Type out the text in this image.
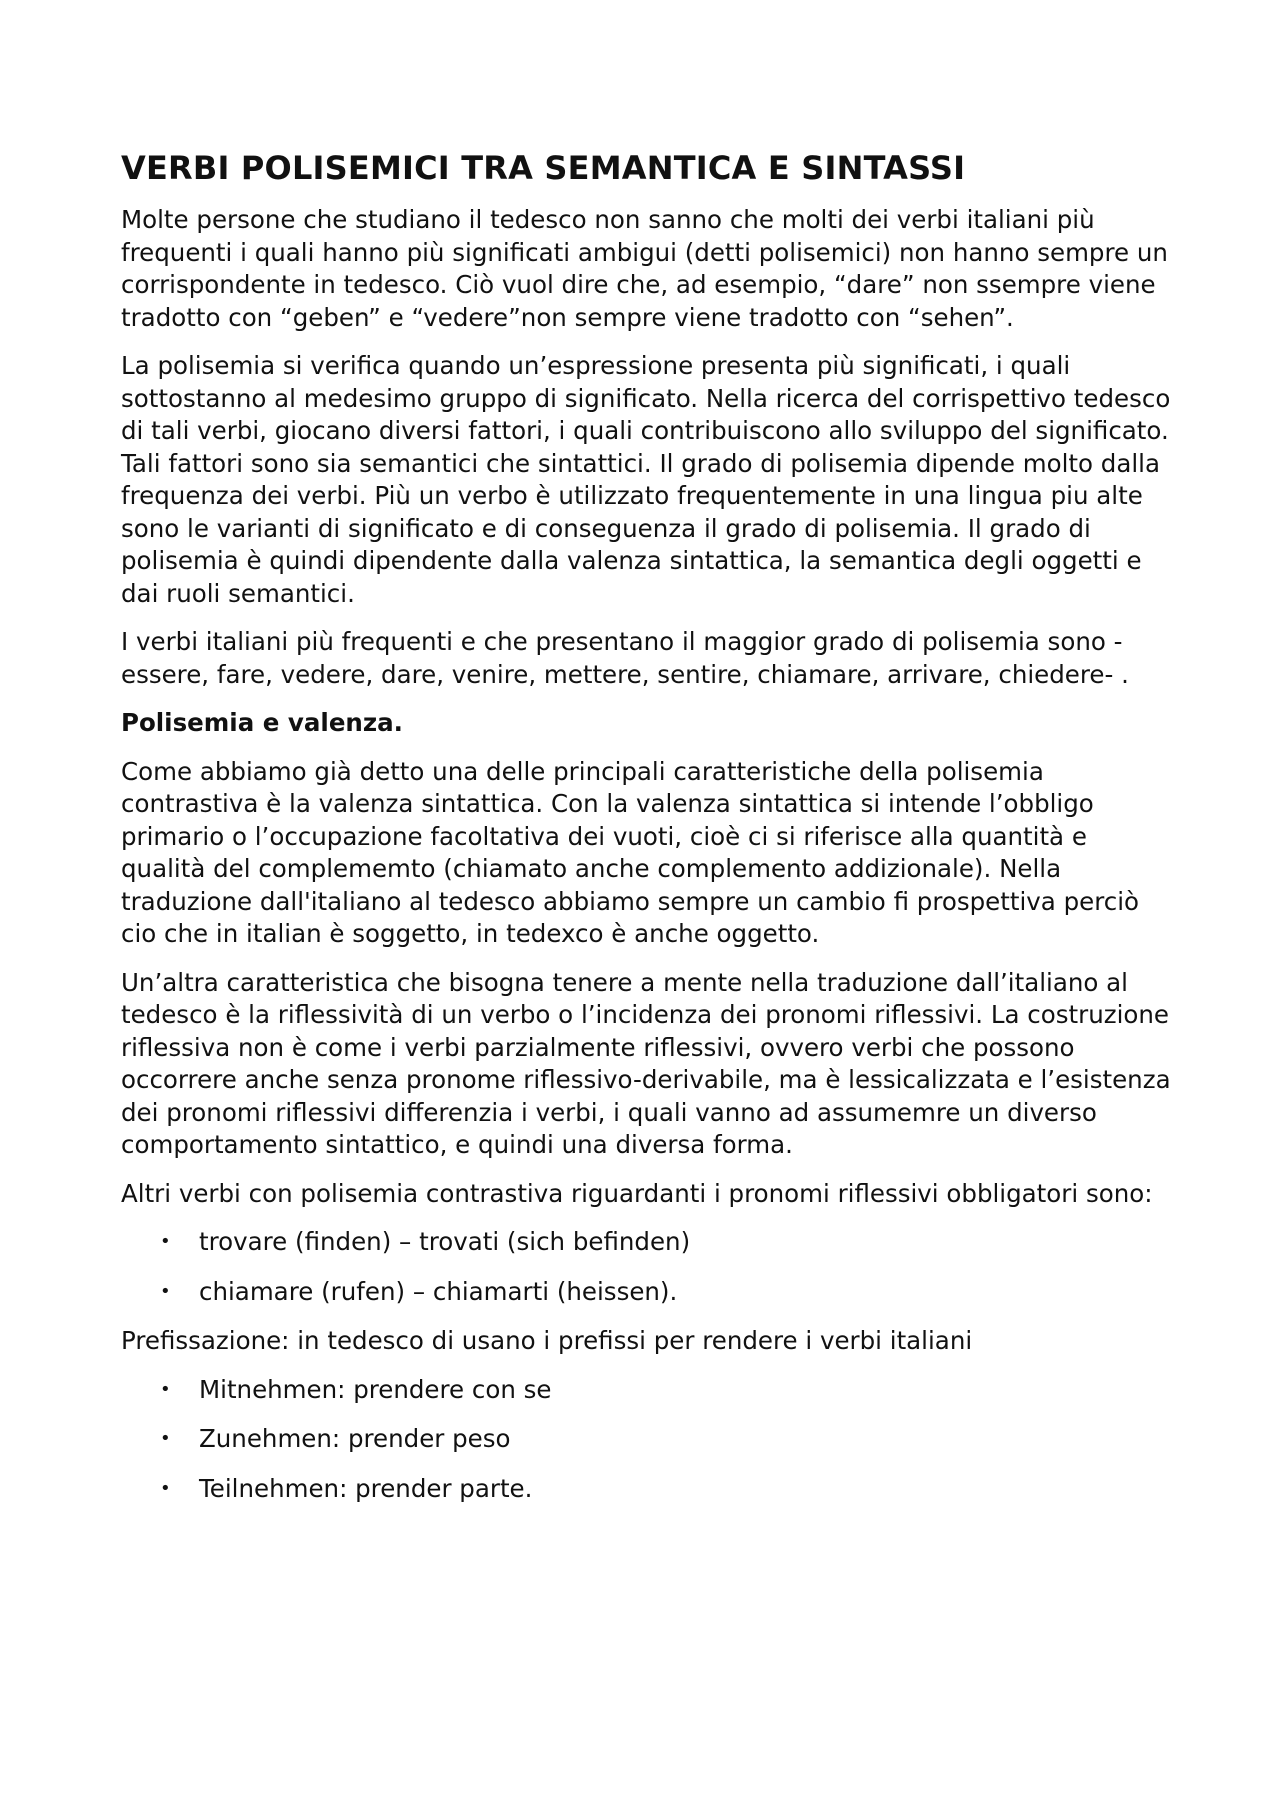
VERBI POLISEMICI TRA SEMANTICA E SINTASSI

Molte persone che studiano il tedesco non sanno che molti dei verbi italiani più frequenti i quali hanno più significati ambigui (detti polisemici) non hanno sempre un corrispondente in tedesco. Ciò vuol dire che, ad esempio, “dare” non ssempre viene tradotto con “geben” e “vedere”non sempre viene tradotto con “sehen”.

La polisemia si verifica quando un’espressione presenta più significati, i quali sottostanno al medesimo gruppo di significato. Nella ricerca del corrispettivo tedesco di tali verbi, giocano diversi fattori, i quali contribuiscono allo sviluppo del significato. Tali fattori sono sia semantici che sintattici. Il grado di polisemia dipende molto dalla frequenza dei verbi. Più un verbo è utilizzato frequentemente in una lingua piu alte sono le varianti di significato e di conseguenza il grado di polisemia. Il grado di polisemia è quindi dipendente dalla valenza sintattica, la semantica degli oggetti e dai ruoli semantici.

I verbi italiani più frequenti e che presentano il maggior grado di polisemia sono - essere, fare, vedere, dare, venire, mettere, sentire, chiamare, arrivare, chiedere- .

Polisemia e valenza.

Come abbiamo già detto una delle principali caratteristiche della polisemia contrastiva è la valenza sintattica. Con la valenza sintattica si intende l’obbligo primario o l’occupazione facoltativa dei vuoti, cioè ci si riferisce alla quantità e qualità del complememto (chiamato anche complemento addizionale). Nella traduzione dall'italiano al tedesco abbiamo sempre un cambio fi prospettiva perciò cio che in italian è soggetto, in tedexco è anche oggetto.

Un’altra caratteristica che bisogna tenere a mente nella traduzione dall’italiano al tedesco è la riflessività di un verbo o l’incidenza dei pronomi riflessivi. La costruzione riflessiva non è come i verbi parzialmente riflessivi, ovvero verbi che possono occorrere anche senza pronome riflessivo-derivabile, ma è lessicalizzata e l’esistenza dei pronomi riflessivi differenzia i verbi, i quali vanno ad assumemre un diverso comportamento sintattico, e quindi una diversa forma.

Altri verbi con polisemia contrastiva riguardanti i pronomi riflessivi obbligatori sono:

• trovare (finden) – trovati (sich befinden)
• chiamare (rufen) – chiamarti (heissen).

Prefissazione: in tedesco di usano i prefissi per rendere i verbi italiani

• Mitnehmen: prendere con se
• Zunehmen: prender peso
• Teilnehmen: prender parte.
